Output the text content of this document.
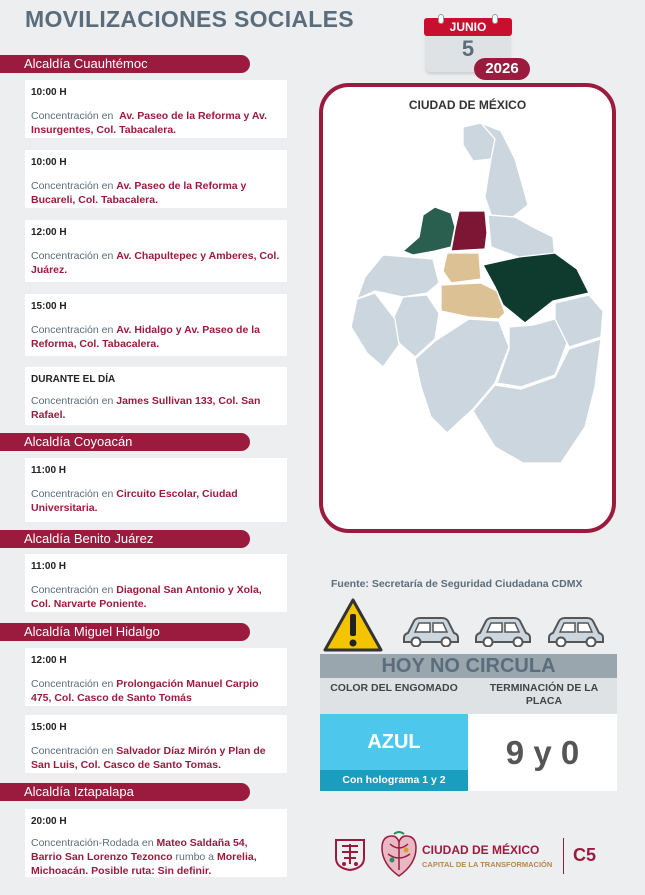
MOVILIZACIONES SOCIALES	JUNIO
5
2026
Alcaldía Cuauhtémoc
10:00 H
Concentración en Av. Paseo de la Reforma y Av. Insurgentes, Col. Tabacalera.
10:00 H
Concentración en Av. Paseo de la Reforma y Bucareli, Col. Tabacalera.
12:00 H
Concentración en Av. Chapultepec y Amberes, Col. Juárez.
15:00 H
Concentración en Av. Hidalgo y Av. Paseo de la Reforma, Col. Tabacalera.
DURANTE EL DÍA
Concentración en James Sullivan 133, Col. San Rafael.
Alcaldía Coyoacán
11:00 H
Concentración en Circuito Escolar, Ciudad Universitaria.
Alcaldía Benito Juárez
11:00 H
Concentración en Diagonal San Antonio y Xola, Col. Narvarte Poniente.
Alcaldía Miguel Hidalgo
12:00 H
Concentración en Prolongación Manuel Carpio 475, Col. Casco de Santo Tomás
15:00 H
Concentración en Salvador Díaz Mirón y Plan de San Luis, Col. Casco de Santo Tomas.
Alcaldía Iztapalapa
20:00 H
Concentración-Rodada en Mateo Saldaña 54, Barrio San Lorenzo Tezonco rumbo a Morelia, Michoacán. Posible ruta: Sin definir.
CIUDAD DE MÉXICO
Fuente: Secretaría de Seguridad Ciudadana CDMX
HOY NO CIRCULA
COLOR DEL ENGOMADO	TERMINACIÓN DE LA PLACA
AZUL
Con holograma 1 y 2
9 y 0
CIUDAD DE MÉXICO
CAPITAL DE LA TRANSFORMACIÓN C5
